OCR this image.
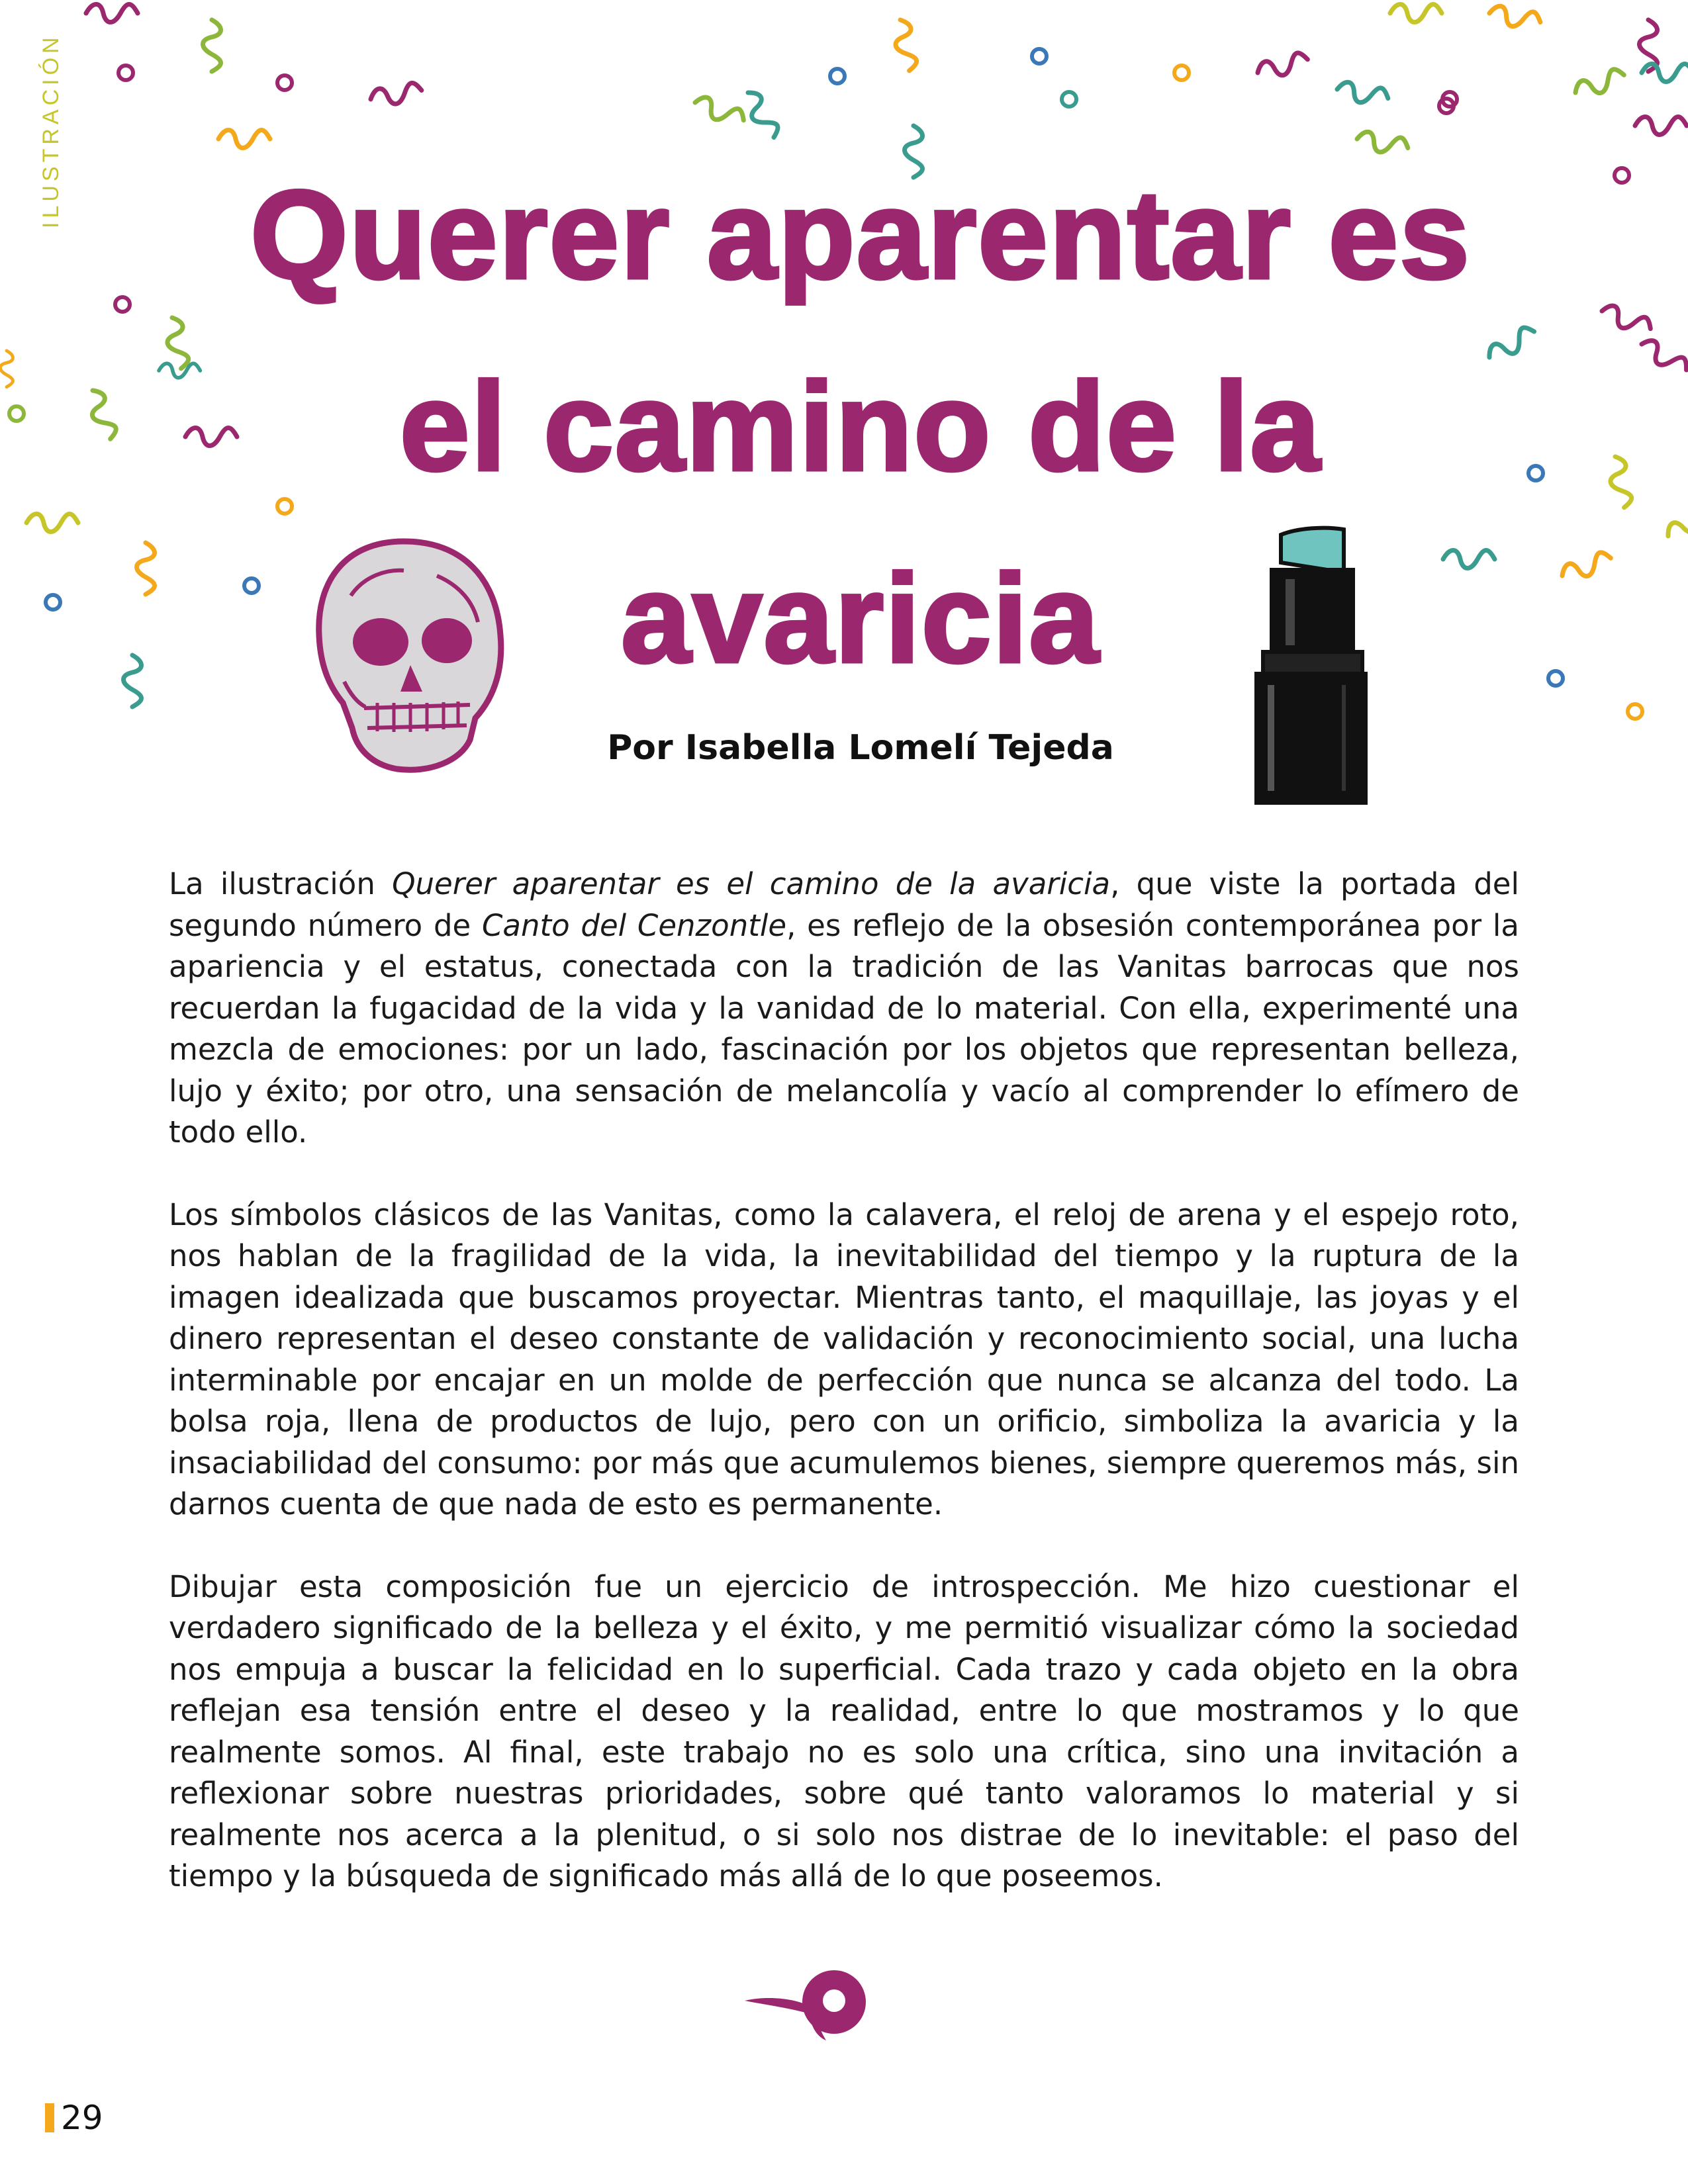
ILUSTRACIÓN
Querer aparentar es
el camino de la
avaricia

Por Isabella Lomelí Tejeda

La ilustración Querer aparentar es el camino de la avaricia, que viste la portada del segundo número de Canto del Cenzontle, es reflejo de la obsesión contemporánea por la apariencia y el estatus, conectada con la tradición de las Vanitas barrocas que nos recuerdan la fugacidad de la vida y la vanidad de lo material. Con ella, experimenté una mezcla de emociones: por un lado, fascinación por los objetos que representan belleza, lujo y éxito; por otro, una sensación de melancolía y vacío al comprender lo efímero de todo ello.

Los símbolos clásicos de las Vanitas, como la calavera, el reloj de arena y el espejo roto, nos hablan de la fragilidad de la vida, la inevitabilidad del tiempo y la ruptura de la imagen idealizada que buscamos proyectar. Mientras tanto, el maquillaje, las joyas y el dinero representan el deseo constante de validación y reconocimiento social, una lucha interminable por encajar en un molde de perfección que nunca se alcanza del todo. La bolsa roja, llena de productos de lujo, pero con un orificio, simboliza la avaricia y la insaciabilidad del consumo: por más que acumulemos bienes, siempre queremos más, sin darnos cuenta de que nada de esto es permanente.

Dibujar esta composición fue un ejercicio de introspección. Me hizo cuestionar el verdadero significado de la belleza y el éxito, y me permitió visualizar cómo la sociedad nos empuja a buscar la felicidad en lo superficial. Cada trazo y cada objeto en la obra reflejan esa tensión entre el deseo y la realidad, entre lo que mostramos y lo que realmente somos. Al final, este trabajo no es solo una crítica, sino una invitación a reflexionar sobre nuestras prioridades, sobre qué tanto valoramos lo material y si realmente nos acerca a la plenitud, o si solo nos distrae de lo inevitable: el paso del tiempo y la búsqueda de significado más allá de lo que poseemos.

29
